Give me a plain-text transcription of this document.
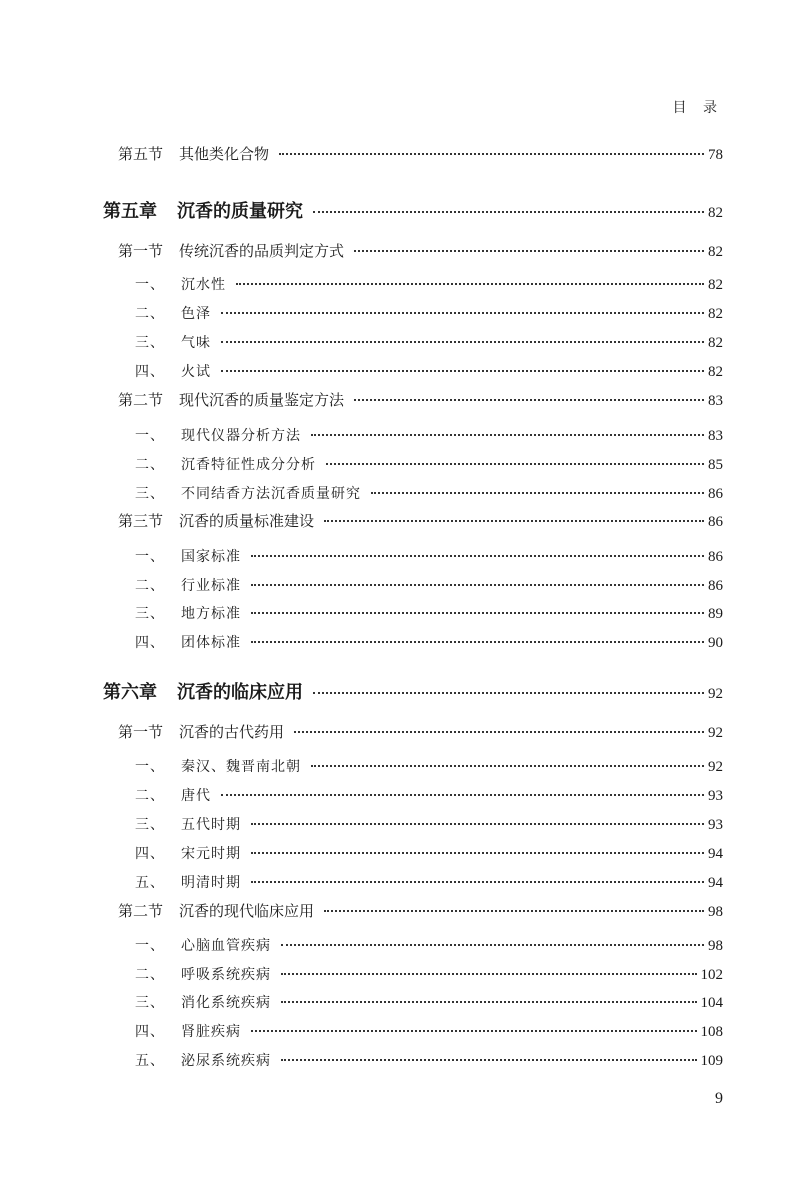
目 录
第五节 其他类化合物	78
第五章 沉香的质量研究	82
第一节 传统沉香的品质判定方式	82
一、 沉水性	82
二、 色泽	82
三、 气味	82
四、 火试	82
第二节 现代沉香的质量鉴定方法	83
一、 现代仪器分析方法	83
二、 沉香特征性成分分析	85
三、 不同结香方法沉香质量研究	86
第三节 沉香的质量标准建设	86
一、 国家标准	86
二、 行业标准	86
三、 地方标准	89
四、 团体标准	90
第六章 沉香的临床应用	92
第一节 沉香的古代药用	92
一、 秦汉、魏晋南北朝	92
二、 唐代	93
三、 五代时期	93
四、 宋元时期	94
五、 明清时期	94
第二节 沉香的现代临床应用	98
一、 心脑血管疾病	98
二、 呼吸系统疾病	102
三、 消化系统疾病	104
四、 肾脏疾病	108
五、 泌尿系统疾病	109
9
